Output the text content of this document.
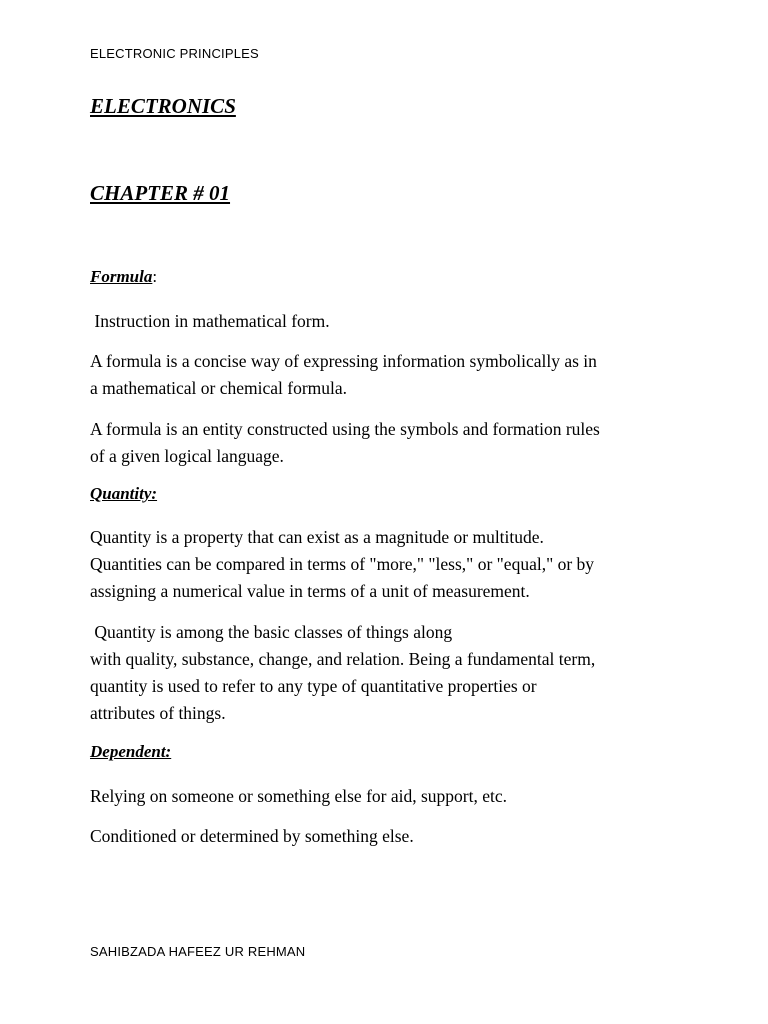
ELECTRONIC PRINCIPLES
ELECTRONICS
CHAPTER # 01
Formula:
Instruction in mathematical form.
A formula is a concise way of expressing information symbolically as in
a mathematical or chemical formula.
A formula is an entity constructed using the symbols and formation rules
of a given logical language.
Quantity:
Quantity is a property that can exist as a magnitude or multitude.
Quantities can be compared in terms of "more," "less," or "equal," or by
assigning a numerical value in terms of a unit of measurement.
Quantity is among the basic classes of things along
with quality, substance, change, and relation. Being a fundamental term,
quantity is used to refer to any type of quantitative properties or
attributes of things.
Dependent:
Relying on someone or something else for aid, support, etc.
Conditioned or determined by something else.
SAHIBZADA HAFEEZ UR REHMAN
